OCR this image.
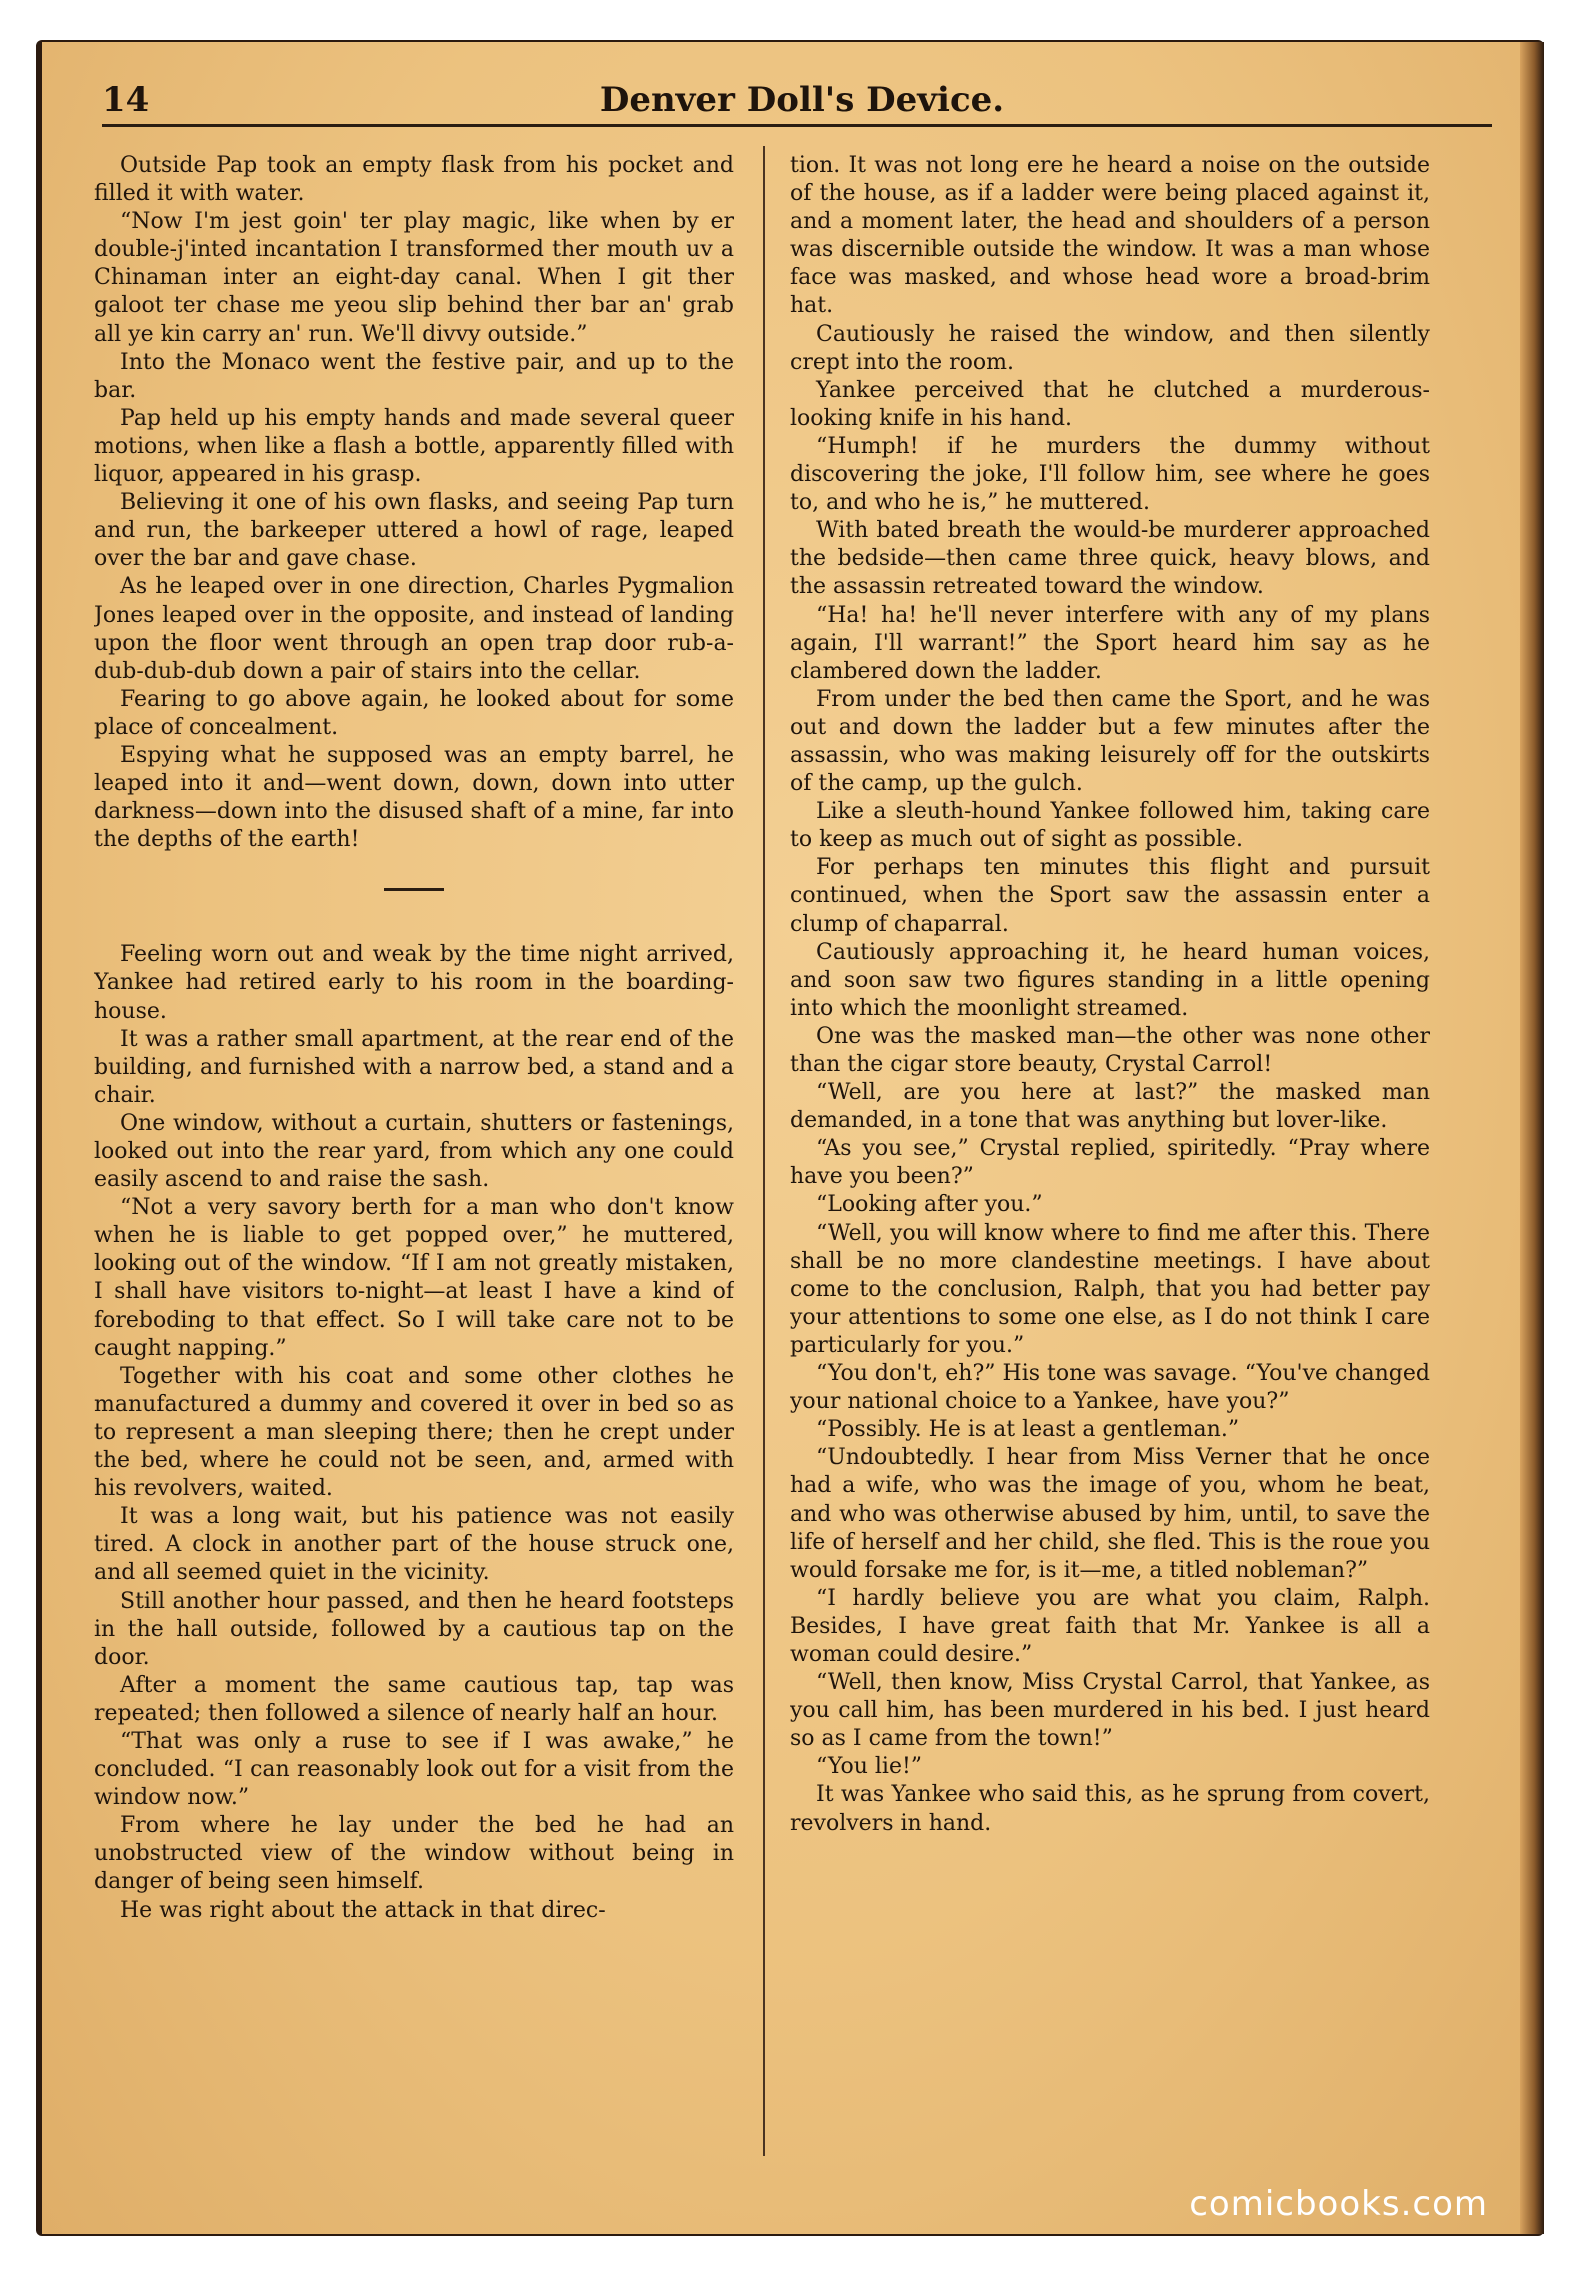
14	Denver Doll's Device.

Outside Pap took an empty flask from his pocket and filled it with water.

“Now I'm jest goin' ter play magic, like when by er double-j'inted incantation I transformed ther mouth uv a Chinaman inter an eight-day canal. When I git ther galoot ter chase me yeou slip behind ther bar an' grab all ye kin carry an' run. We'll divvy outside.”

Into the Monaco went the festive pair, and up to the bar.

Pap held up his empty hands and made several queer motions, when like a flash a bottle, apparently filled with liquor, appeared in his grasp.

Believing it one of his own flasks, and seeing Pap turn and run, the barkeeper uttered a howl of rage, leaped over the bar and gave chase.

As he leaped over in one direction, Charles Pygmalion Jones leaped over in the opposite, and instead of landing upon the floor went through an open trap door rub-a-dub-dub-dub down a pair of stairs into the cellar.

Fearing to go above again, he looked about for some place of concealment.

Espying what he supposed was an empty barrel, he leaped into it and—went down, down, down into utter darkness—down into the disused shaft of a mine, far into the depths of the earth!

Feeling worn out and weak by the time night arrived, Yankee had retired early to his room in the boarding-house.

It was a rather small apartment, at the rear end of the building, and furnished with a narrow bed, a stand and a chair.

One window, without a curtain, shutters or fastenings, looked out into the rear yard, from which any one could easily ascend to and raise the sash.

“Not a very savory berth for a man who don't know when he is liable to get popped over,” he muttered, looking out of the window. “If I am not greatly mistaken, I shall have visitors to-night—at least I have a kind of foreboding to that effect. So I will take care not to be caught napping.”

Together with his coat and some other clothes he manufactured a dummy and covered it over in bed so as to represent a man sleeping there; then he crept under the bed, where he could not be seen, and, armed with his revolvers, waited.

It was a long wait, but his patience was not easily tired. A clock in another part of the house struck one, and all seemed quiet in the vicinity.

Still another hour passed, and then he heard footsteps in the hall outside, followed by a cautious tap on the door.

After a moment the same cautious tap, tap was repeated; then followed a silence of nearly half an hour.

“That was only a ruse to see if I was awake,” he concluded. “I can reasonably look out for a visit from the window now.”

From where he lay under the bed he had an unobstructed view of the window without being in danger of being seen himself.

He was right about the attack in that direc-

tion. It was not long ere he heard a noise on the outside of the house, as if a ladder were being placed against it, and a moment later, the head and shoulders of a person was discernible outside the window. It was a man whose face was masked, and whose head wore a broad-brim hat.

Cautiously he raised the window, and then silently crept into the room.

Yankee perceived that he clutched a murderous-looking knife in his hand.

“Humph! if he murders the dummy without discovering the joke, I'll follow him, see where he goes to, and who he is,” he muttered.

With bated breath the would-be murderer approached the bedside—then came three quick, heavy blows, and the assassin retreated toward the window.

“Ha! ha! he'll never interfere with any of my plans again, I'll warrant!” the Sport heard him say as he clambered down the ladder.

From under the bed then came the Sport, and he was out and down the ladder but a few minutes after the assassin, who was making leisurely off for the outskirts of the camp, up the gulch.

Like a sleuth-hound Yankee followed him, taking care to keep as much out of sight as possible.

For perhaps ten minutes this flight and pursuit continued, when the Sport saw the assassin enter a clump of chaparral.

Cautiously approaching it, he heard human voices, and soon saw two figures standing in a little opening into which the moonlight streamed.

One was the masked man—the other was none other than the cigar store beauty, Crystal Carrol!

“Well, are you here at last?” the masked man demanded, in a tone that was anything but lover-like.

“As you see,” Crystal replied, spiritedly. “Pray where have you been?”

“Looking after you.”

“Well, you will know where to find me after this. There shall be no more clandestine meetings. I have about come to the conclusion, Ralph, that you had better pay your attentions to some one else, as I do not think I care particularly for you.”

“You don't, eh?” His tone was savage. “You've changed your national choice to a Yankee, have you?”

“Possibly. He is at least a gentleman.”

“Undoubtedly. I hear from Miss Verner that he once had a wife, who was the image of you, whom he beat, and who was otherwise abused by him, until, to save the life of herself and her child, she fled. This is the roue you would forsake me for, is it—me, a titled nobleman?”

“I hardly believe you are what you claim, Ralph. Besides, I have great faith that Mr. Yankee is all a woman could desire.”

“Well, then know, Miss Crystal Carrol, that Yankee, as you call him, has been murdered in his bed. I just heard so as I came from the town!”

“You lie!”

It was Yankee who said this, as he sprung from covert, revolvers in hand.

comicbooks.com
